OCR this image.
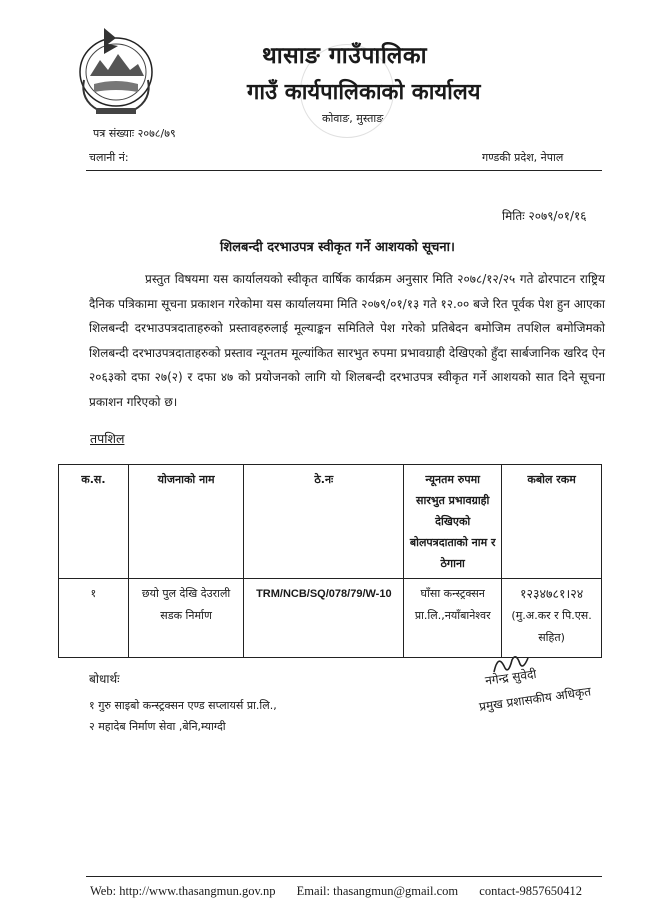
थासाङ गाउँपालिका
गाउँ कार्यपालिकाको कार्यालय
कोवाङ, मुस्ताङ
पत्र संख्याः २०७८/७९
चलानी नं:	गण्डकी प्रदेश, नेपाल
मितिः २०७९/०१/१६
शिलबन्दी दरभाउपत्र स्वीकृत गर्ने आशयको सूचना।
प्रस्तुत विषयमा यस कार्यालयको स्वीकृत वार्षिक कार्यक्रम अनुसार मिति २०७८/१२/२५ गते ढोरपाटन राष्ट्रिय दैनिक पत्रिकामा सूचना प्रकाशन गरेकोमा यस कार्यालयमा मिति २०७९/०१/१३ गते १२.०० बजे रित पूर्वक पेश हुन आएका शिलबन्दी दरभाउपत्रदाताहरुको प्रस्तावहरुलाई मूल्याङ्कन समितिले पेश गरेको प्रतिबेदन बमोजिम तपशिल बमोजिमको शिलबन्दी दरभाउपत्रदाताहरुको प्रस्ताव न्यूनतम मूल्यांकित सारभुत रुपमा प्रभावग्राही देखिएको हुँदा सार्बजानिक खरिद ऐन २०६३को दफा २७(२) र दफा ४७ को प्रयोजनको लागि यो शिलबन्दी दरभाउपत्र स्वीकृत गर्ने आशयको सात दिने सूचना प्रकाशन गरिएको छ।
तपशिल
क.स.	योजनाको नाम	ठे.नः	न्यूनतम रुपमा सारभुत प्रभावग्राही देखिएको बोलपत्रदाताको नाम र ठेगाना	कबोल रकम
१	छयो पुल देखि देउराली सडक निर्माण	TRM/NCB/SQ/078/79/W-10	घाँसा कन्स्ट्रक्सन प्रा.लि.,नयाँबानेश्वर	१२३४७८१।२४
(मु.अ.कर र पि.एस. सहित)
बोधार्थः
१ गुरु साइबो कन्स्ट्रक्सन एण्ड सप्लायर्स प्रा.लि.,
२ महादेब निर्माण सेवा ,बेनि,म्याग्दी
नगेन्द्र सुवेदी
प्रमुख प्रशासकीय अधिकृत
Web: http://www.thasangmun.gov.np Email: thasangmun@gmail.com contact-9857650412
